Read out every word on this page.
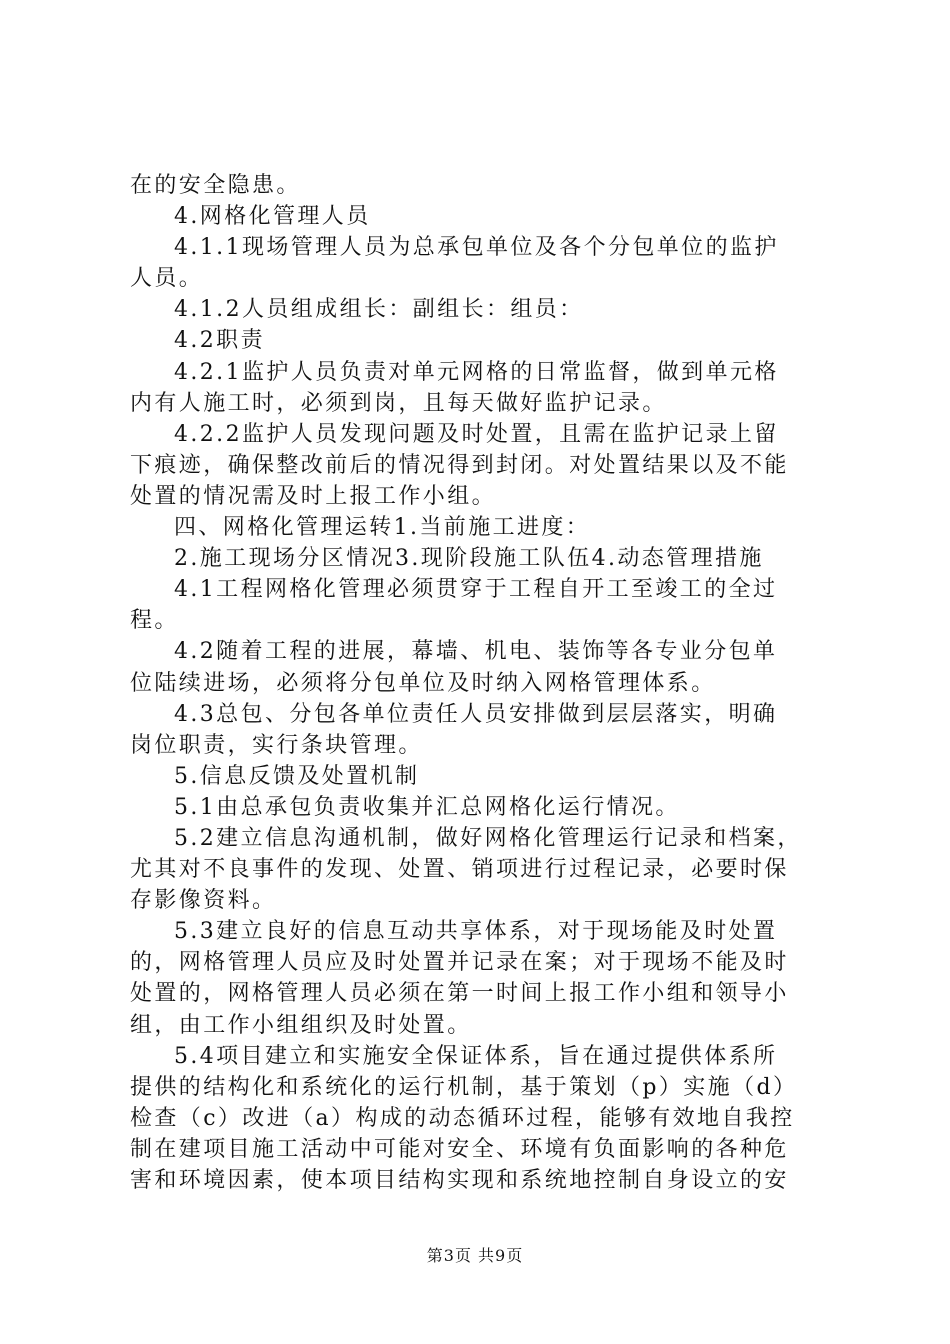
在的安全隐患。
4.网格化管理人员
4.1.1现场管理人员为总承包单位及各个分包单位的监护
人员。
4.1.2人员组成组长：副组长：组员：
4.2职责
4.2.1监护人员负责对单元网格的日常监督，做到单元格
内有人施工时，必须到岗，且每天做好监护记录。
4.2.2监护人员发现问题及时处置，且需在监护记录上留
下痕迹，确保整改前后的情况得到封闭。对处置结果以及不能
处置的情况需及时上报工作小组。
四、网格化管理运转1.当前施工进度：
2.施工现场分区情况3.现阶段施工队伍4.动态管理措施
4.1工程网格化管理必须贯穿于工程自开工至竣工的全过
程。
4.2随着工程的进展，幕墙、机电、装饰等各专业分包单
位陆续进场，必须将分包单位及时纳入网格管理体系。
4.3总包、分包各单位责任人员安排做到层层落实，明确
岗位职责，实行条块管理。
5.信息反馈及处置机制
5.1由总承包负责收集并汇总网格化运行情况。
5.2建立信息沟通机制，做好网格化管理运行记录和档案，
尤其对不良事件的发现、处置、销项进行过程记录，必要时保
存影像资料。
5.3建立良好的信息互动共享体系，对于现场能及时处置
的，网格管理人员应及时处置并记录在案；对于现场不能及时
处置的，网格管理人员必须在第一时间上报工作小组和领导小
组，由工作小组组织及时处置。
5.4项目建立和实施安全保证体系，旨在通过提供体系所
提供的结构化和系统化的运行机制，基于策划（p）实施（d）
检查（c）改进（a）构成的动态循环过程，能够有效地自我控
制在建项目施工活动中可能对安全、环境有负面影响的各种危
害和环境因素，使本项目结构实现和系统地控制自身设立的安
第3页 共9页
